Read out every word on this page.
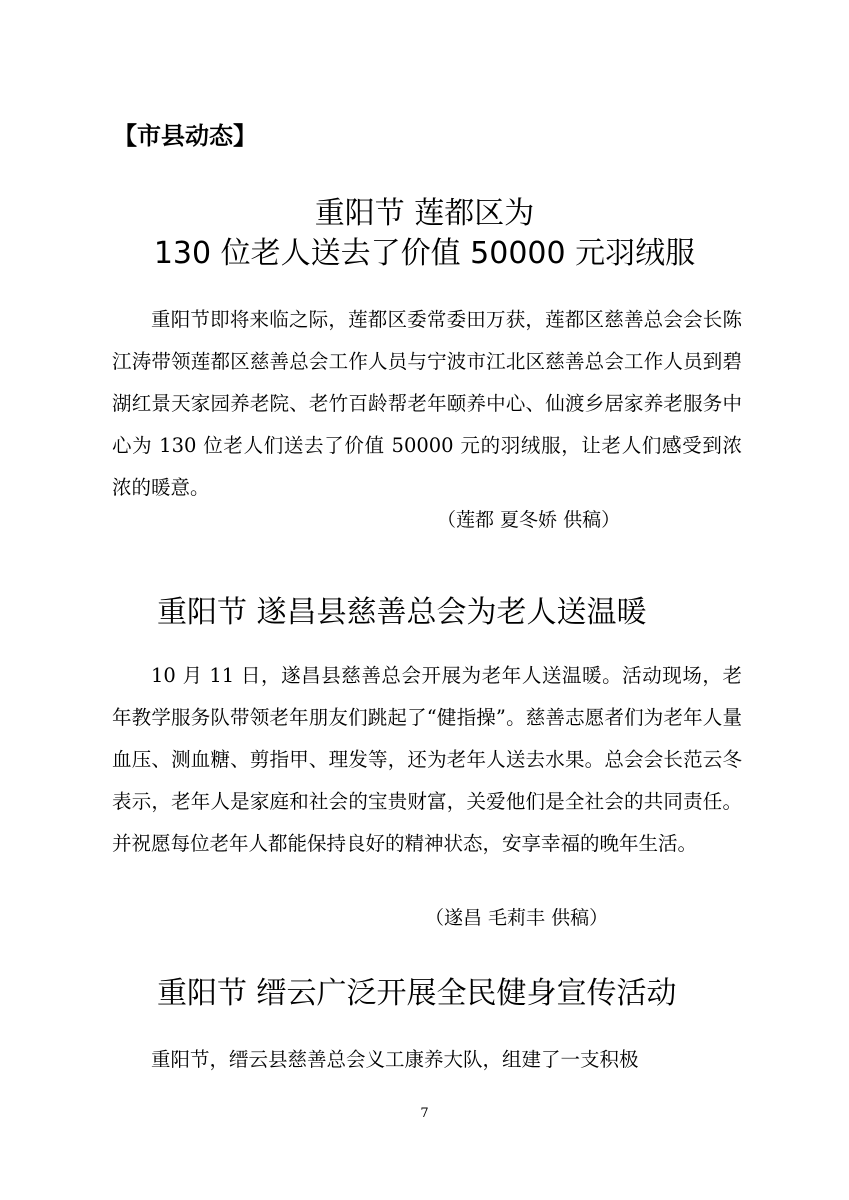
【市县动态】
重阳节 莲都区为
130 位老人送去了价值 50000 元羽绒服
重阳节即将来临之际，莲都区委常委田万获，莲都区慈善总会会长陈江涛带领莲都区慈善总会工作人员与宁波市江北区慈善总会工作人员到碧湖红景天家园养老院、老竹百龄帮老年颐养中心、仙渡乡居家养老服务中心为 130 位老人们送去了价值 50000 元的羽绒服，让老人们感受到浓浓的暖意。
（莲都 夏冬娇 供稿）
重阳节 遂昌县慈善总会为老人送温暖
10 月 11 日，遂昌县慈善总会开展为老年人送温暖。活动现场，老年教学服务队带领老年朋友们跳起了“健指操”。慈善志愿者们为老年人量血压、测血糖、剪指甲、理发等，还为老年人送去水果。总会会长范云冬表示，老年人是家庭和社会的宝贵财富，关爱他们是全社会的共同责任。并祝愿每位老年人都能保持良好的精神状态，安享幸福的晚年生活。
（遂昌 毛莉丰 供稿）
重阳节 缙云广泛开展全民健身宣传活动
重阳节，缙云县慈善总会义工康养大队，组建了一支积极
7
